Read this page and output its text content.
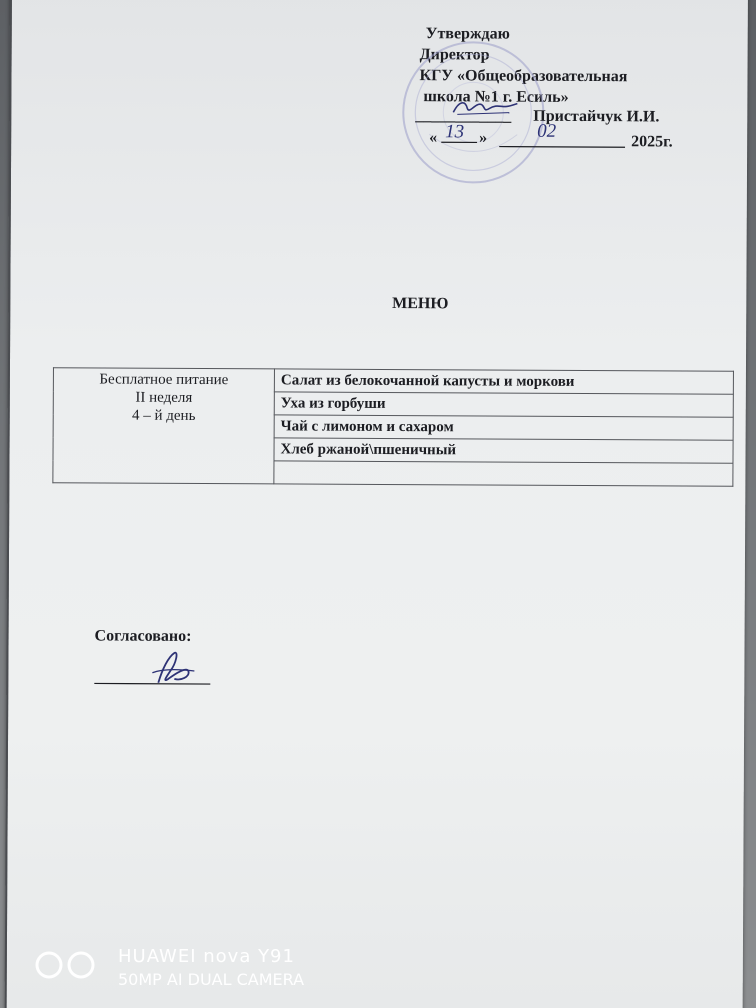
Утверждаю
Директор
КГУ «Общеобразовательная
школа №1 г. Есиль»
____________ Пристайчук И.И.
« 13 »	02
2025г.
МЕНЮ
Бесплатное питание
II неделя
4 – й день
	Салат из белокочанной капусты и моркови
Уха из горбуши
Чай с лимоном и сахаром
Хлеб ржаной\пшеничный

Согласовано:
HUAWEI nova Y91
50MP AI DUAL CAMERA
